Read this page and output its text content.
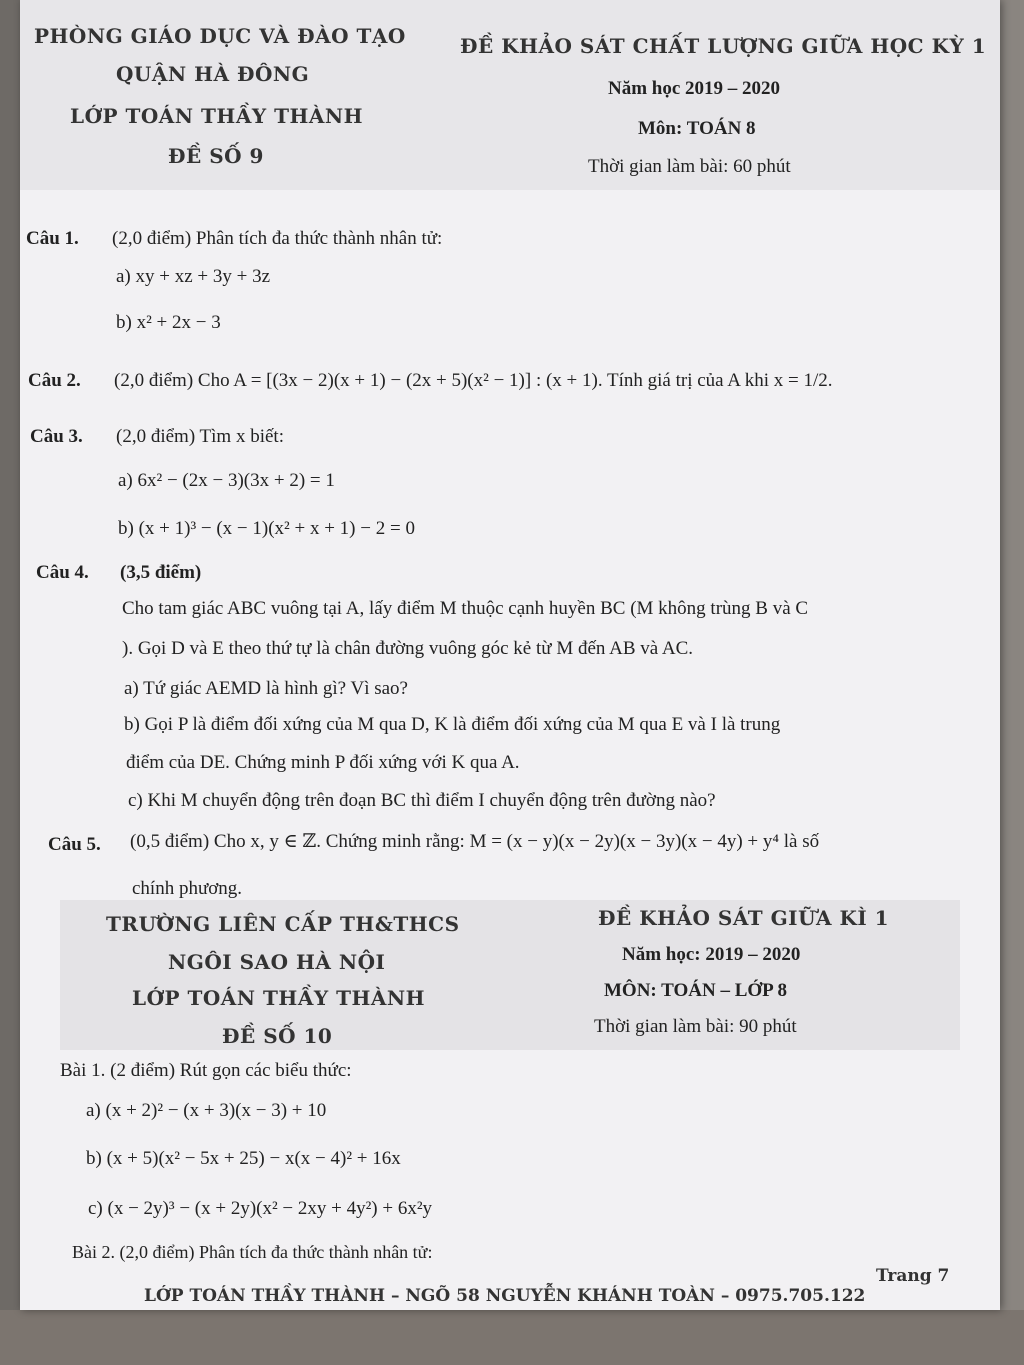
PHÒNG GIÁO DỤC VÀ ĐÀO TẠO
QUẬN HÀ ĐÔNG
LỚP TOÁN THẦY THÀNH
ĐỀ SỐ 9
ĐỀ KHẢO SÁT CHẤT LƯỢNG GIỮA HỌC KỲ 1
Năm học 2019 – 2020
Môn: TOÁN 8
Thời gian làm bài: 60 phút
Câu 1. (2,0 điểm) Phân tích đa thức thành nhân tử:
a) xy + xz + 3y + 3z
b) x² + 2x − 3
Câu 2. (2,0 điểm) Cho A = [(3x − 2)(x + 1) − (2x + 5)(x² − 1)] : (x + 1). Tính giá trị của A khi x = 1/2.
Câu 3. (2,0 điểm) Tìm x biết:
a) 6x² − (2x − 3)(3x + 2) = 1
b) (x + 1)³ − (x − 1)(x² + x + 1) − 2 = 0
Câu 4. (3,5 điểm)
Cho tam giác ABC vuông tại A, lấy điểm M thuộc cạnh huyền BC (M không trùng B và C
). Gọi D và E theo thứ tự là chân đường vuông góc kẻ từ M đến AB và AC.
a) Tứ giác AEMD là hình gì? Vì sao?
b) Gọi P là điểm đối xứng của M qua D, K là điểm đối xứng của M qua E và I là trung
điểm của DE. Chứng minh P đối xứng với K qua A.
c) Khi M chuyển động trên đoạn BC thì điểm I chuyển động trên đường nào?
Câu 5. (0,5 điểm) Cho x, y ∈ ℤ. Chứng minh rằng: M = (x − y)(x − 2y)(x − 3y)(x − 4y) + y⁴ là số
chính phương.
TRƯỜNG LIÊN CẤP TH&THCS
NGÔI SAO HÀ NỘI
LỚP TOÁN THẦY THÀNH
ĐỀ SỐ 10
ĐỀ KHẢO SÁT GIỮA KÌ 1
Năm học: 2019 – 2020
MÔN: TOÁN – LỚP 8
Thời gian làm bài: 90 phút
Bài 1. (2 điểm) Rút gọn các biểu thức:
a) (x + 2)² − (x + 3)(x − 3) + 10
b) (x + 5)(x² − 5x + 25) − x(x − 4)² + 16x
c) (x − 2y)³ − (x + 2y)(x² − 2xy + 4y²) + 6x²y
Bài 2. (2,0 điểm) Phân tích đa thức thành nhân tử:
LỚP TOÁN THẦY THÀNH – NGÕ 58 NGUYỄN KHÁNH TOÀN – 0975.705.122
Trang 7
